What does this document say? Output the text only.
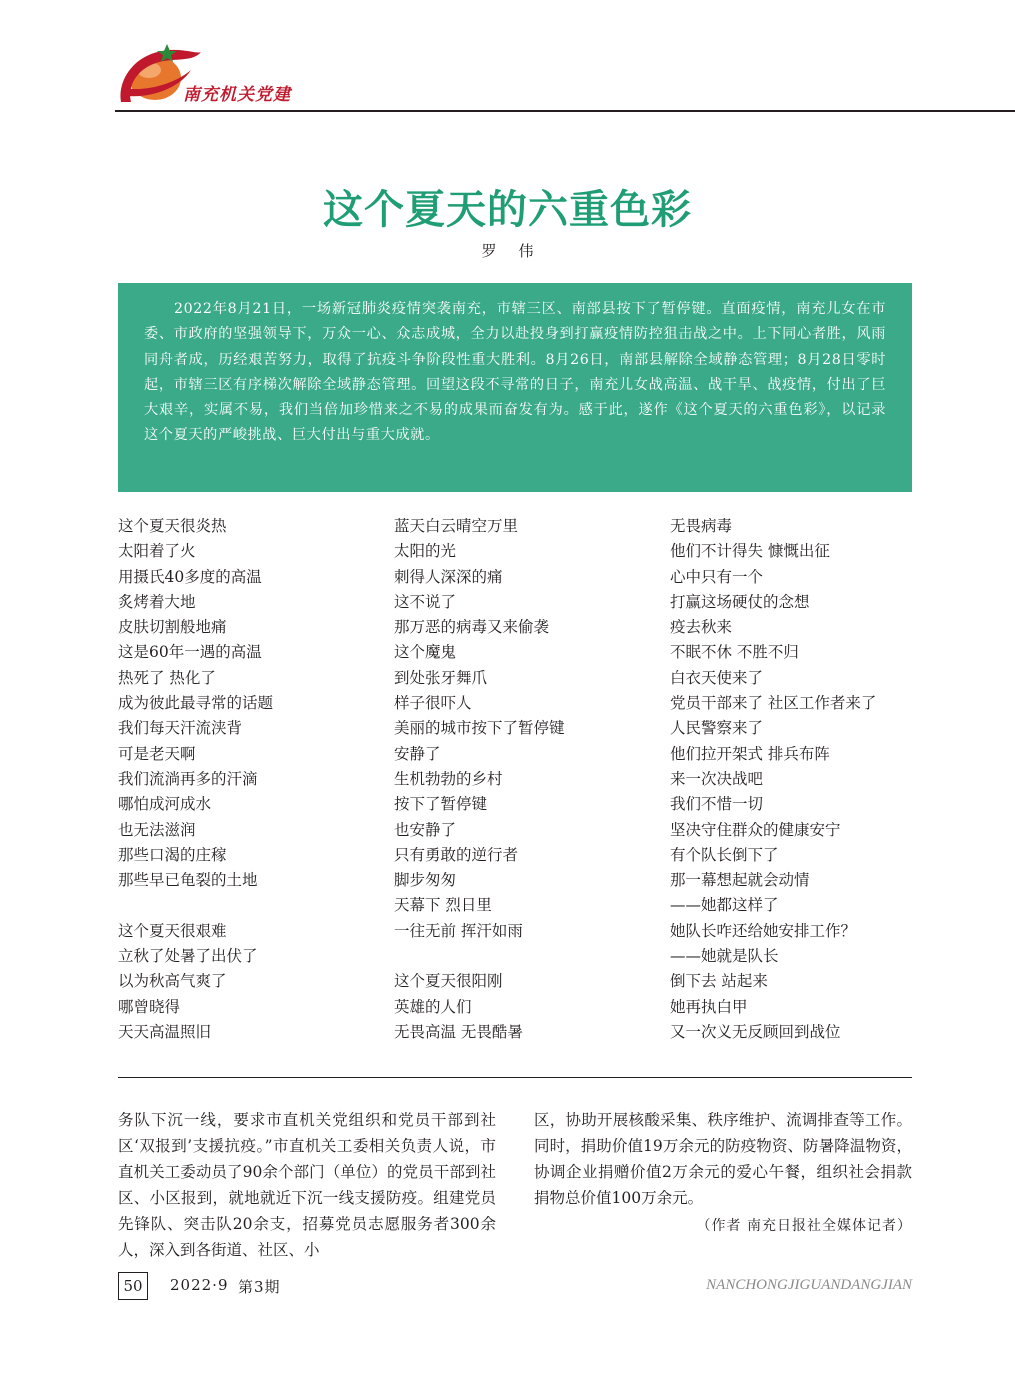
南充机关党建
这个夏天的六重色彩
罗伟

2022年8月21日，一场新冠肺炎疫情突袭南充，市辖三区、南部县按下了暂停键。直面疫情，南充儿女在市委、市政府的坚强领导下，万众一心、众志成城，全力以赴投身到打赢疫情防控狙击战之中。上下同心者胜，风雨同舟者成，历经艰苦努力，取得了抗疫斗争阶段性重大胜利。8月26日，南部县解除全域静态管理；8月28日零时起，市辖三区有序梯次解除全域静态管理。回望这段不寻常的日子，南充儿女战高温、战干旱、战疫情，付出了巨大艰辛，实属不易，我们当倍加珍惜来之不易的成果而奋发有为。感于此，遂作《这个夏天的六重色彩》，以记录这个夏天的严峻挑战、巨大付出与重大成就。

这个夏天很炎热
太阳着了火
用摄氏40多度的高温
炙烤着大地
皮肤切割般地痛
这是60年一遇的高温
热死了 热化了
成为彼此最寻常的话题
我们每天汗流浃背
可是老天啊
我们流淌再多的汗滴
哪怕成河成水
也无法滋润
那些口渴的庄稼
那些早已龟裂的土地
这个夏天很艰难
立秋了处暑了出伏了
以为秋高气爽了
哪曾晓得
天天高温照旧
蓝天白云晴空万里
太阳的光
刺得人深深的痛
这不说了
那万恶的病毒又来偷袭
这个魔鬼
到处张牙舞爪
样子很吓人
美丽的城市按下了暂停键
安静了
生机勃勃的乡村
按下了暂停键
也安静了
只有勇敢的逆行者
脚步匆匆
天幕下 烈日里
一往无前 挥汗如雨
这个夏天很阳刚
英雄的人们
无畏高温 无畏酷暑
无畏病毒
他们不计得失 慷慨出征
心中只有一个
打赢这场硬仗的念想
疫去秋来
不眠不休 不胜不归
白衣天使来了
党员干部来了 社区工作者来了
人民警察来了
他们拉开架式 排兵布阵
来一次决战吧
我们不惜一切
坚决守住群众的健康安宁
有个队长倒下了
那一幕想起就会动情
——她都这样了
她队长咋还给她安排工作？
——她就是队长
倒下去 站起来
她再执白甲
又一次义无反顾回到战位

务队下沉一线，要求市直机关党组织和党员干部到社区‘双报到’支援抗疫。”市直机关工委相关负责人说，市直机关工委动员了90余个部门（单位）的党员干部到社区、小区报到，就地就近下沉一线支援防疫。组建党员先锋队、突击队20余支，招募党员志愿服务者300余人，深入到各街道、社区、小

区，协助开展核酸采集、秩序维护、流调排查等工作。同时，捐助价值19万余元的防疫物资、防暑降温物资，协调企业捐赠价值2万余元的爱心午餐，组织社会捐款捐物总价值100万余元。

（作者 南充日报社全媒体记者）

50	2022·9 第3期	NANCHONGJIGUANDANGJIAN
